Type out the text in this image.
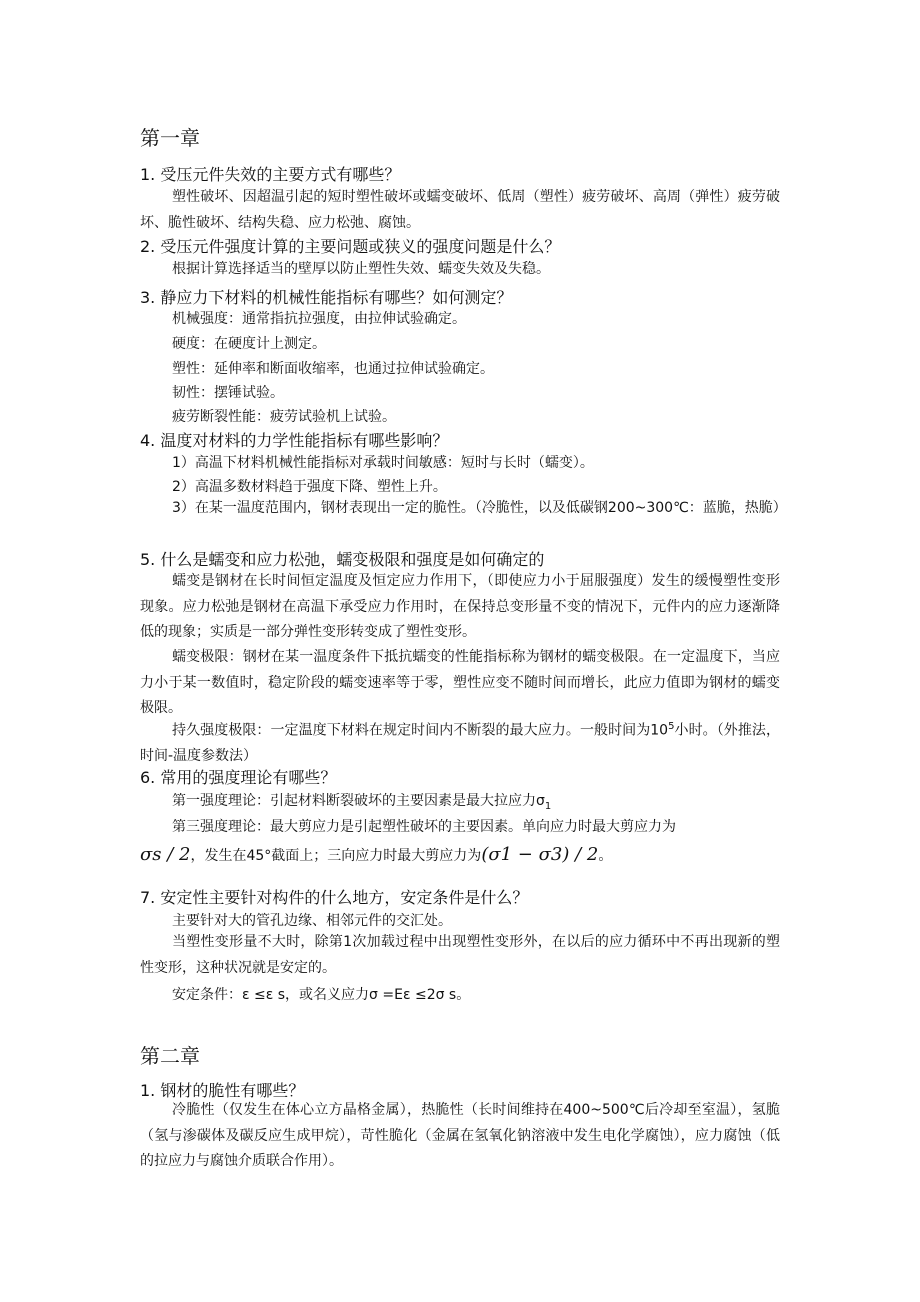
第一章
1. 受压元件失效的主要方式有哪些？
塑性破坏、因超温引起的短时塑性破坏或蠕变破坏、低周（塑性）疲劳破坏、高周（弹性）疲劳破坏、脆性破坏、结构失稳、应力松弛、腐蚀。
2. 受压元件强度计算的主要问题或狭义的强度问题是什么？
根据计算选择适当的壁厚以防止塑性失效、蠕变失效及失稳。
3. 静应力下材料的机械性能指标有哪些？如何测定？
机械强度：通常指抗拉强度，由拉伸试验确定。
硬度：在硬度计上测定。
塑性：延伸率和断面收缩率，也通过拉伸试验确定。
韧性：摆锤试验。
疲劳断裂性能：疲劳试验机上试验。
4. 温度对材料的力学性能指标有哪些影响？
1）高温下材料机械性能指标对承载时间敏感：短时与长时（蠕变）。
2）高温多数材料趋于强度下降、塑性上升。
3）在某一温度范围内，钢材表现出一定的脆性。（冷脆性，以及低碳钢200~300℃：蓝脆，热脆）
5. 什么是蠕变和应力松弛，蠕变极限和强度是如何确定的
蠕变是钢材在长时间恒定温度及恒定应力作用下，（即使应力小于屈服强度）发生的缓慢塑性变形现象。应力松弛是钢材在高温下承受应力作用时，在保持总变形量不变的情况下，元件内的应力逐渐降低的现象；实质是一部分弹性变形转变成了塑性变形。
蠕变极限：钢材在某一温度条件下抵抗蠕变的性能指标称为钢材的蠕变极限。在一定温度下，当应力小于某一数值时，稳定阶段的蠕变速率等于零，塑性应变不随时间而增长，此应力值即为钢材的蠕变极限。
持久强度极限：一定温度下材料在规定时间内不断裂的最大应力。一般时间为$10^5$小时。（外推法，时间-温度参数法）
6. 常用的强度理论有哪些？
第一强度理论：引起材料断裂破坏的主要因素是最大拉应力$\sigma_1$
第三强度理论：最大剪应力是引起塑性破坏的主要因素。单向应力时最大剪应力为
σs / 2，发生在45°截面上；三向应力时最大剪应力为(σ1 − σ3) / 2。
7. 安定性主要针对构件的什么地方，安定条件是什么？
主要针对大的管孔边缘、相邻元件的交汇处。
当塑性变形量不大时，除第1次加载过程中出现塑性变形外，在以后的应力循环中不再出现新的塑性变形，这种状况就是安定的。
安定条件：ε ≤ε s，或名义应力σ =Eε ≤2σ s。
第二章
1. 钢材的脆性有哪些？
冷脆性（仅发生在体心立方晶格金属），热脆性（长时间维持在400~500℃后冷却至室温），氢脆（氢与渗碳体及碳反应生成甲烷），苛性脆化（金属在氢氧化钠溶液中发生电化学腐蚀），应力腐蚀（低的拉应力与腐蚀介质联合作用）。
